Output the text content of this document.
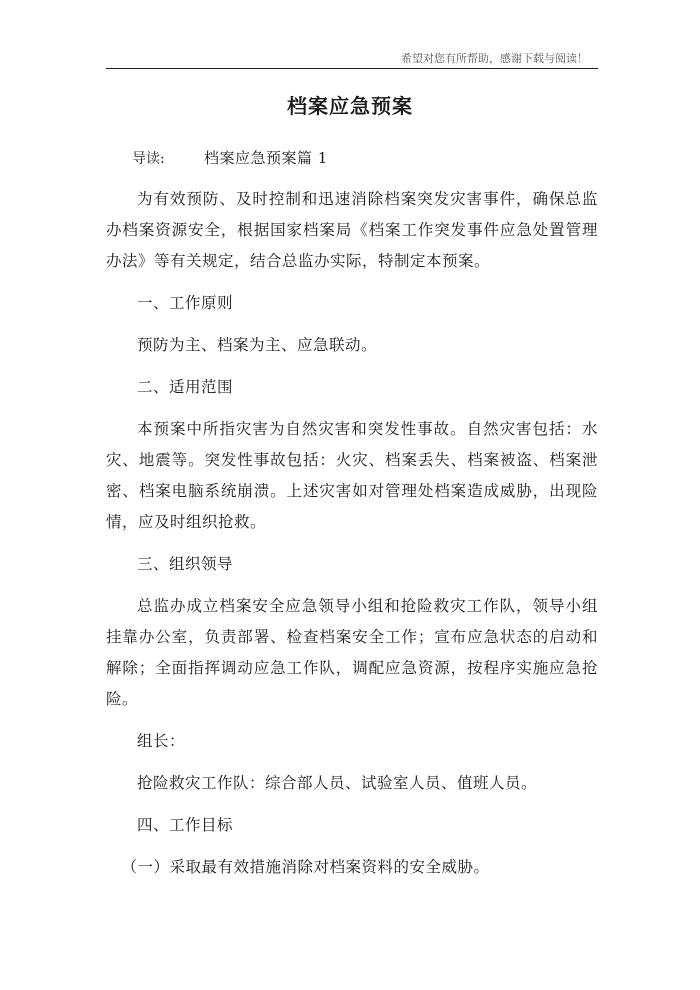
希望对您有所帮助，感谢下载与阅读！
档案应急预案
导读:	档案应急预案篇 1

为有效预防、及时控制和迅速消除档案突发灾害事件，确保总监办档案资源安全，根据国家档案局《档案工作突发事件应急处置管理办法》等有关规定，结合总监办实际，特制定本预案。

一、工作原则

预防为主、档案为主、应急联动。

二、适用范围

本预案中所指灾害为自然灾害和突发性事故。自然灾害包括：水灾、地震等。突发性事故包括：火灾、档案丢失、档案被盗、档案泄密、档案电脑系统崩溃。上述灾害如对管理处档案造成威胁，出现险情，应及时组织抢救。

三、组织领导

总监办成立档案安全应急领导小组和抢险救灾工作队，领导小组挂靠办公室，负责部署、检查档案安全工作；宣布应急状态的启动和解除；全面指挥调动应急工作队，调配应急资源，按程序实施应急抢险。

组长：

抢险救灾工作队：综合部人员、试验室人员、值班人员。

四、工作目标

（一）采取最有效措施消除对档案资料的安全威胁。
